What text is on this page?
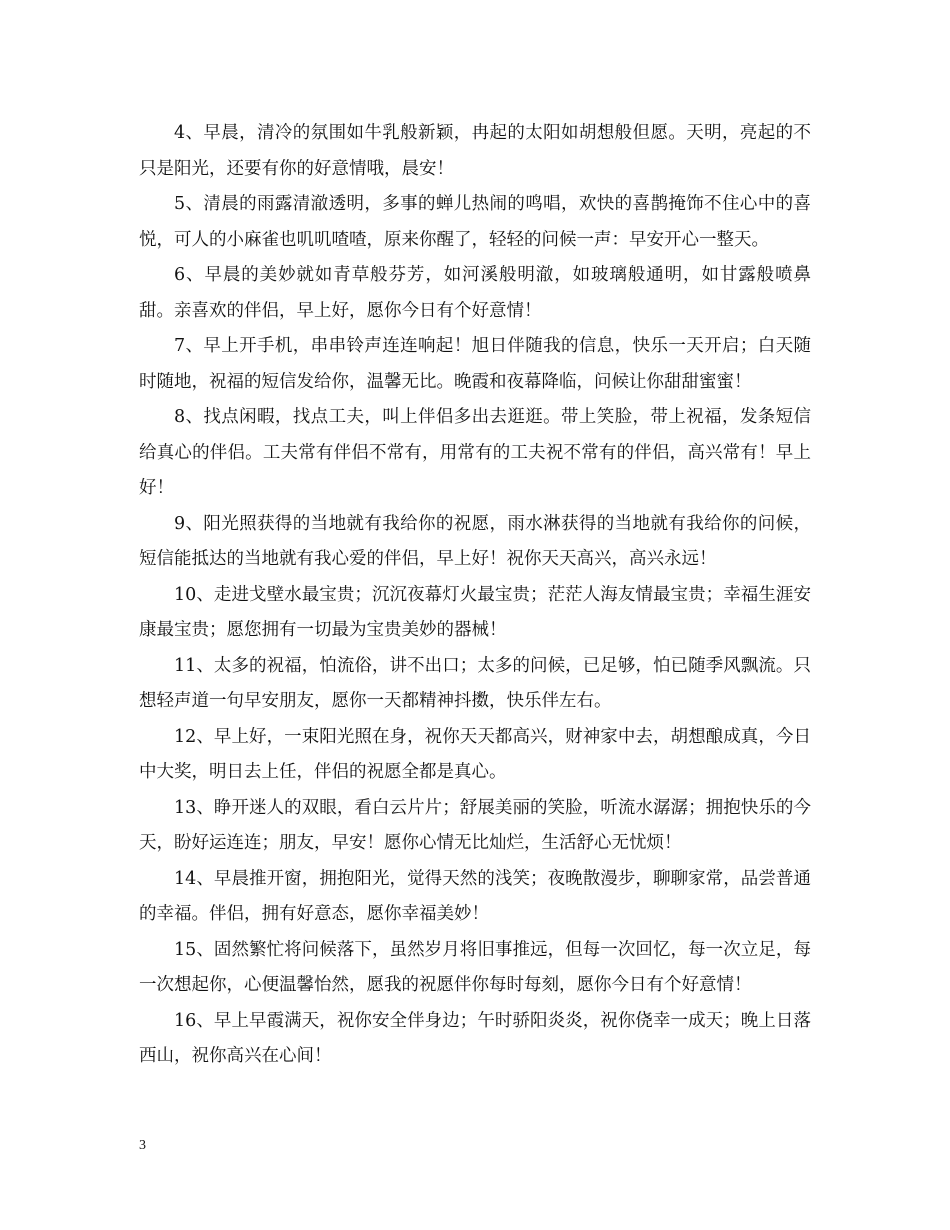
4、早晨，清冷的氛围如牛乳般新颖，冉起的太阳如胡想般但愿。天明，亮起的不只是阳光，还要有你的好意情哦，晨安！

5、清晨的雨露清澈透明，多事的蝉儿热闹的鸣唱，欢快的喜鹊掩饰不住心中的喜悦，可人的小麻雀也叽叽喳喳，原来你醒了，轻轻的问候一声：早安开心一整天。

6、早晨的美妙就如青草般芬芳，如河溪般明澈，如玻璃般通明，如甘露般喷鼻甜。亲喜欢的伴侣，早上好，愿你今日有个好意情！

7、早上开手机，串串铃声连连响起！旭日伴随我的信息，快乐一天开启；白天随时随地，祝福的短信发给你，温馨无比。晚霞和夜幕降临，问候让你甜甜蜜蜜！

8、找点闲暇，找点工夫，叫上伴侣多出去逛逛。带上笑脸，带上祝福，发条短信给真心的伴侣。工夫常有伴侣不常有，用常有的工夫祝不常有的伴侣，高兴常有！早上好！

9、阳光照获得的当地就有我给你的祝愿，雨水淋获得的当地就有我给你的问候，短信能抵达的当地就有我心爱的伴侣，早上好！祝你天天高兴，高兴永远！

10、走进戈壁水最宝贵；沉沉夜幕灯火最宝贵；茫茫人海友情最宝贵；幸福生涯安康最宝贵；愿您拥有一切最为宝贵美妙的器械！

11、太多的祝福，怕流俗，讲不出口；太多的问候，已足够，怕已随季风飘流。只想轻声道一句早安朋友，愿你一天都精神抖擞，快乐伴左右。

12、早上好，一束阳光照在身，祝你天天都高兴，财神家中去，胡想酿成真，今日中大奖，明日去上任，伴侣的祝愿全都是真心。

13、睁开迷人的双眼，看白云片片；舒展美丽的笑脸，听流水潺潺；拥抱快乐的今天，盼好运连连；朋友，早安！愿你心情无比灿烂，生活舒心无忧烦！

14、早晨推开窗，拥抱阳光，觉得天然的浅笑；夜晚散漫步，聊聊家常，品尝普通的幸福。伴侣，拥有好意态，愿你幸福美妙！

15、固然繁忙将问候落下，虽然岁月将旧事推远，但每一次回忆，每一次立足，每一次想起你，心便温馨怡然，愿我的祝愿伴你每时每刻，愿你今日有个好意情！

16、早上早霞满天，祝你安全伴身边；午时骄阳炎炎，祝你侥幸一成天；晚上日落西山，祝你高兴在心间！

3
